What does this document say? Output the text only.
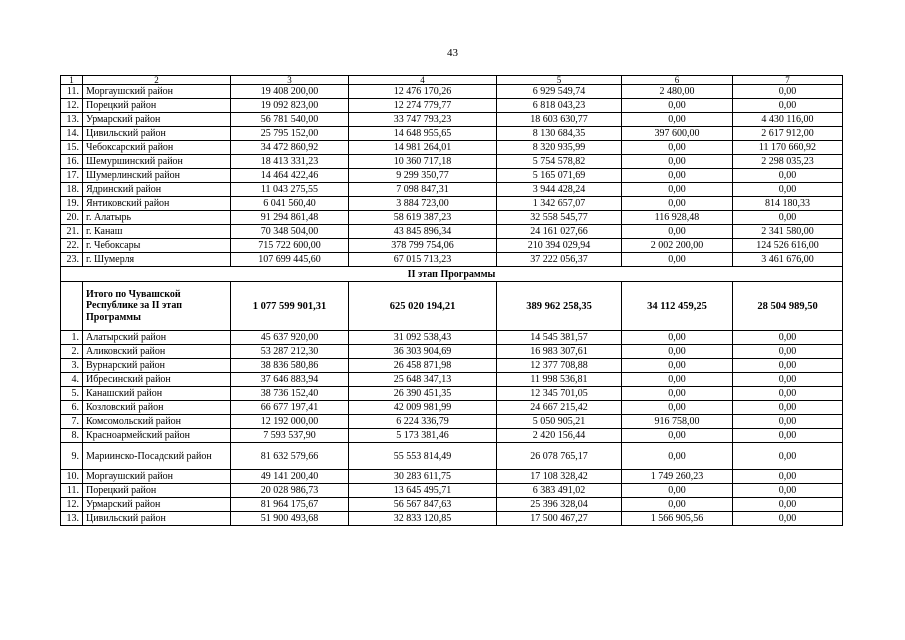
43
1	2	3	4	5	6	7
11.	Моргаушский район	19 408 200,00	12 476 170,26	6 929 549,74	2 480,00	0,00
12.	Порецкий район	19 092 823,00	12 274 779,77	6 818 043,23	0,00	0,00
13.	Урмарский район	56 781 540,00	33 747 793,23	18 603 630,77	0,00	4 430 116,00
14.	Цивильский район	25 795 152,00	14 648 955,65	8 130 684,35	397 600,00	2 617 912,00
15.	Чебоксарский район	34 472 860,92	14 981 264,01	8 320 935,99	0,00	11 170 660,92
16.	Шемуршинский район	18 413 331,23	10 360 717,18	5 754 578,82	0,00	2 298 035,23
17.	Шумерлинский район	14 464 422,46	9 299 350,77	5 165 071,69	0,00	0,00
18.	Ядринский район	11 043 275,55	7 098 847,31	3 944 428,24	0,00	0,00
19.	Янтиковский район	6 041 560,40	3 884 723,00	1 342 657,07	0,00	814 180,33
20.	г. Алатырь	91 294 861,48	58 619 387,23	32 558 545,77	116 928,48	0,00
21.	г. Канаш	70 348 504,00	43 845 896,34	24 161 027,66	0,00	2 341 580,00
22.	г. Чебоксары	715 722 600,00	378 799 754,06	210 394 029,94	2 002 200,00	124 526 616,00
23.	г. Шумерля	107 699 445,60	67 015 713,23	37 222 056,37	0,00	3 461 676,00
II этап Программы						
	Итого по Чувашской Республике за II этап Программы	1 077 599 901,31	625 020 194,21	389 962 258,35	34 112 459,25	28 504 989,50
1.	Алатырский район	45 637 920,00	31 092 538,43	14 545 381,57	0,00	0,00
2.	Аликовский район	53 287 212,30	36 303 904,69	16 983 307,61	0,00	0,00
3.	Вурнарский район	38 836 580,86	26 458 871,98	12 377 708,88	0,00	0,00
4.	Ибресинский район	37 646 883,94	25 648 347,13	11 998 536,81	0,00	0,00
5.	Канашский район	38 736 152,40	26 390 451,35	12 345 701,05	0,00	0,00
6.	Козловский район	66 677 197,41	42 009 981,99	24 667 215,42	0,00	0,00
7.	Комсомольский район	12 192 000,00	6 224 336,79	5 050 905,21	916 758,00	0,00
8.	Красноармейский район	7 593 537,90	5 173 381,46	2 420 156,44	0,00	0,00
9.	Мариинско-Посадский район	81 632 579,66	55 553 814,49	26 078 765,17	0,00	0,00
10.	Моргаушский район	49 141 200,40	30 283 611,75	17 108 328,42	1 749 260,23	0,00
11.	Порецкий район	20 028 986,73	13 645 495,71	6 383 491,02	0,00	0,00
12.	Урмарский район	81 964 175,67	56 567 847,63	25 396 328,04	0,00	0,00
13.	Цивильский район	51 900 493,68	32 833 120,85	17 500 467,27	1 566 905,56	0,00
